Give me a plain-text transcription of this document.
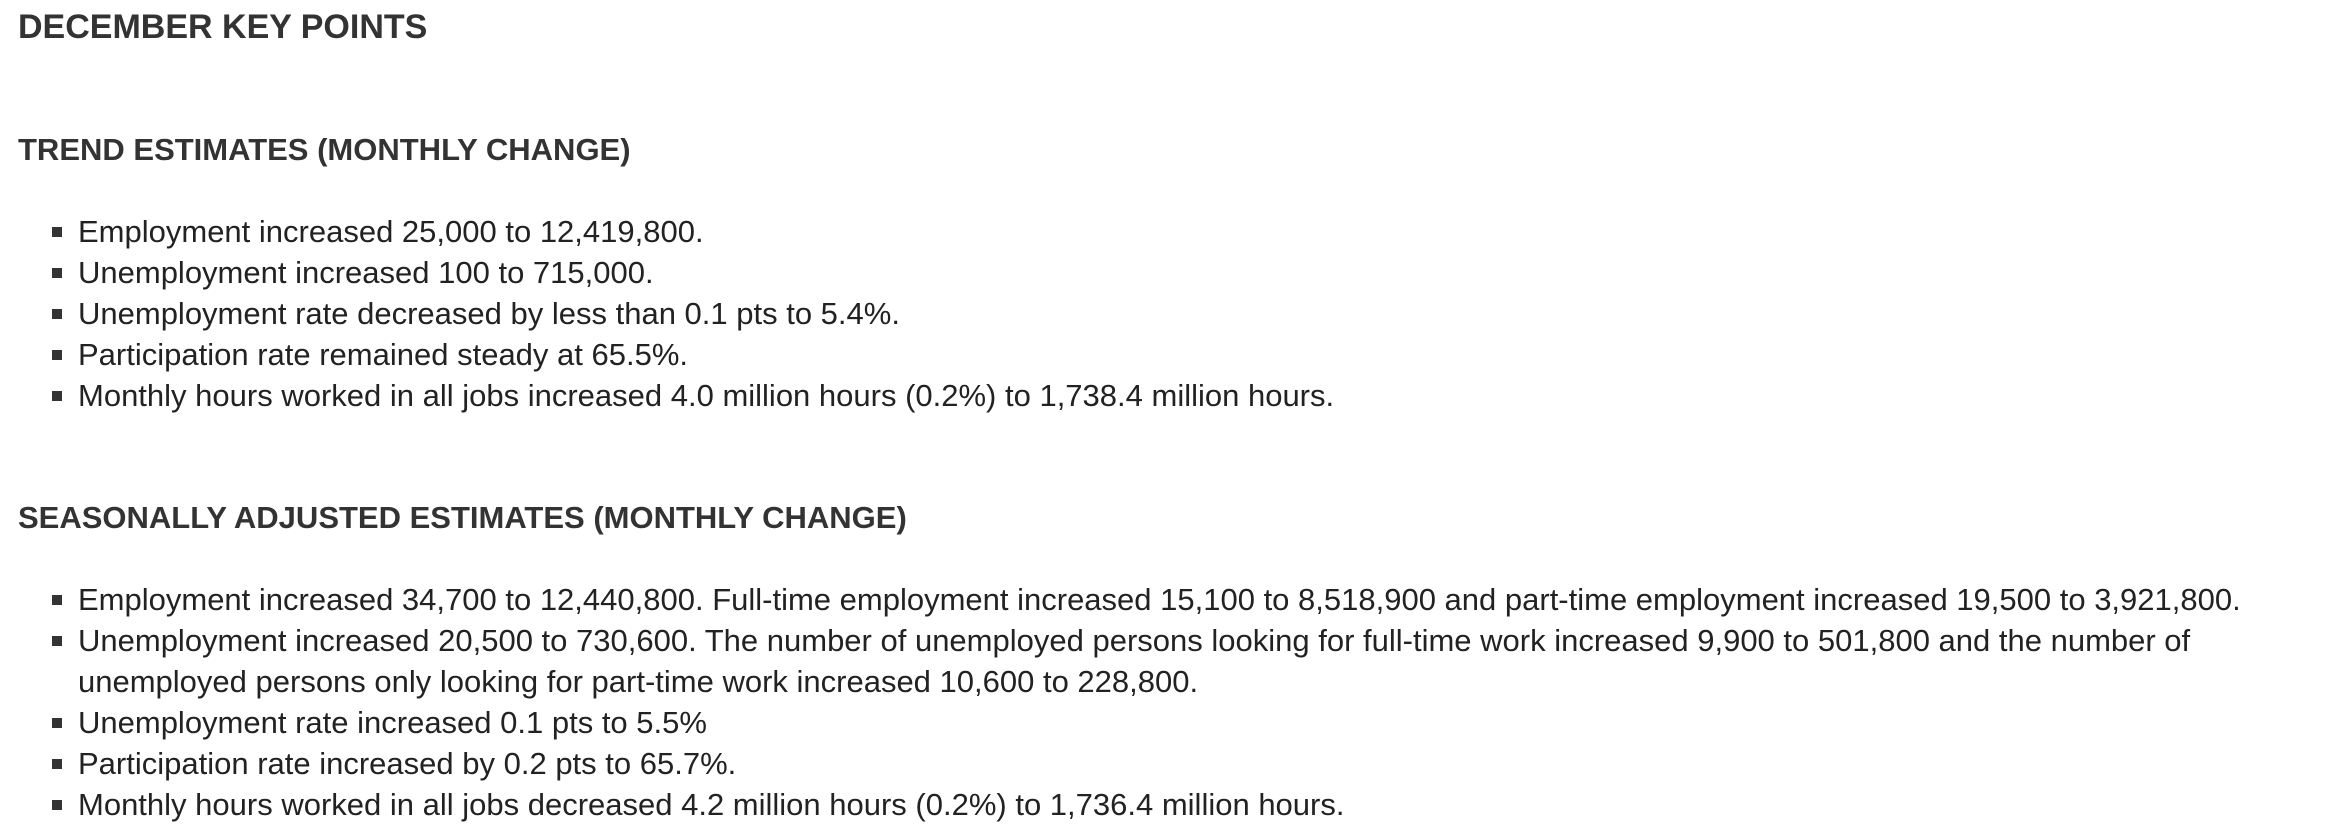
DECEMBER KEY POINTS
TREND ESTIMATES (MONTHLY CHANGE)
Employment increased 25,000 to 12,419,800.
Unemployment increased 100 to 715,000.
Unemployment rate decreased by less than 0.1 pts to 5.4%.
Participation rate remained steady at 65.5%.
Monthly hours worked in all jobs increased 4.0 million hours (0.2%) to 1,738.4 million hours.
SEASONALLY ADJUSTED ESTIMATES (MONTHLY CHANGE)
Employment increased 34,700 to 12,440,800. Full-time employment increased 15,100 to 8,518,900 and part-time employment increased 19,500 to 3,921,800.
Unemployment increased 20,500 to 730,600. The number of unemployed persons looking for full-time work increased 9,900 to 501,800 and the number of unemployed persons only looking for part-time work increased 10,600 to 228,800.
Unemployment rate increased 0.1 pts to 5.5%
Participation rate increased by 0.2 pts to 65.7%.
Monthly hours worked in all jobs decreased 4.2 million hours (0.2%) to 1,736.4 million hours.
